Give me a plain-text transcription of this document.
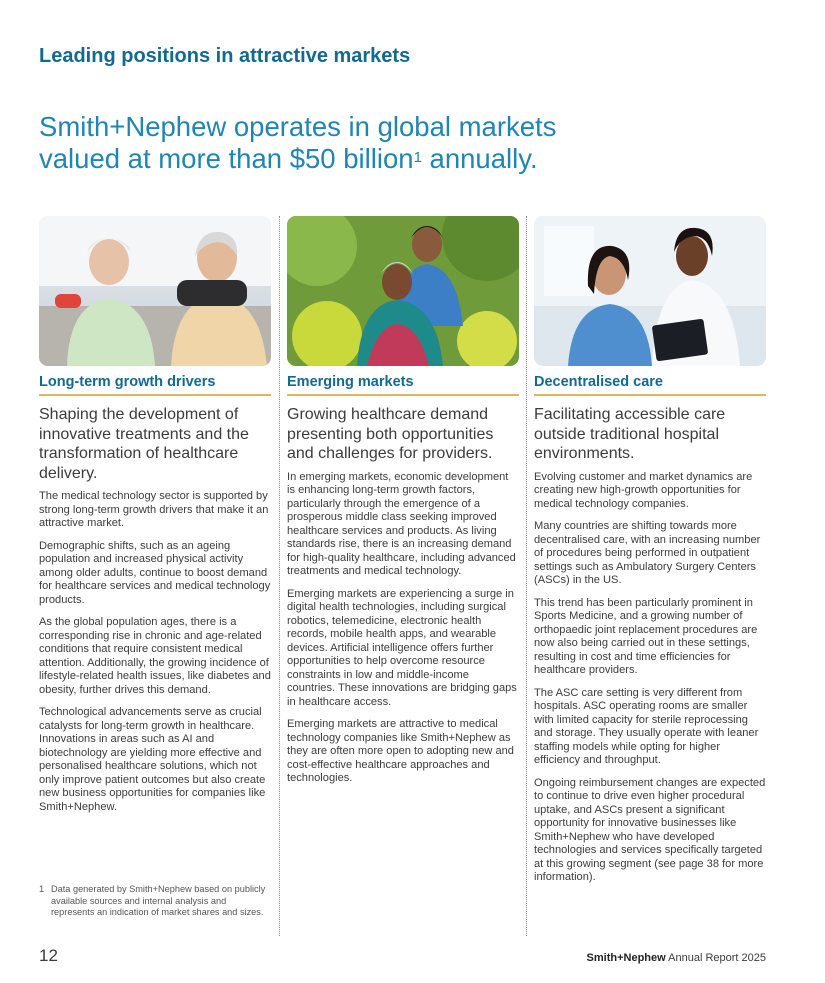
Leading positions in attractive markets
Smith+Nephew operates in global markets valued at more than $50 billion$^1$ annually.
Long-term growth drivers
Shaping the development of innovative treatments and the transformation of healthcare delivery.

The medical technology sector is supported by strong long-term growth drivers that make it an attractive market.

Demographic shifts, such as an ageing population and increased physical activity among older adults, continue to boost demand for healthcare services and medical technology products.

As the global population ages, there is a corresponding rise in chronic and age-related conditions that require consistent medical attention. Additionally, the growing incidence of lifestyle-related health issues, like diabetes and obesity, further drives this demand.

Technological advancements serve as crucial catalysts for long-term growth in healthcare. Innovations in areas such as AI and biotechnology are yielding more effective and personalised healthcare solutions, which not only improve patient outcomes but also create new business opportunities for companies like Smith+Nephew.

Emerging markets
Growing healthcare demand presenting both opportunities and challenges for providers.

In emerging markets, economic development is enhancing long-term growth factors, particularly through the emergence of a prosperous middle class seeking improved healthcare services and products. As living standards rise, there is an increasing demand for high-quality healthcare, including advanced treatments and medical technology.

Emerging markets are experiencing a surge in digital health technologies, including surgical robotics, telemedicine, electronic health records, mobile health apps, and wearable devices. Artificial intelligence offers further opportunities to help overcome resource constraints in low and middle-income countries. These innovations are bridging gaps in healthcare access.

Emerging markets are attractive to medical technology companies like Smith+Nephew as they are often more open to adopting new and cost-effective healthcare approaches and technologies.

Decentralised care
Facilitating accessible care outside traditional hospital environments.

Evolving customer and market dynamics are creating new high-growth opportunities for medical technology companies.

Many countries are shifting towards more decentralised care, with an increasing number of procedures being performed in outpatient settings such as Ambulatory Surgery Centers (ASCs) in the US.

This trend has been particularly prominent in Sports Medicine, and a growing number of orthopaedic joint replacement procedures are now also being carried out in these settings, resulting in cost and time efficiencies for healthcare providers.

The ASC care setting is very different from hospitals. ASC operating rooms are smaller with limited capacity for sterile reprocessing and storage. They usually operate with leaner staffing models while opting for higher efficiency and throughput.

Ongoing reimbursement changes are expected to continue to drive even higher procedural uptake, and ASCs present a significant opportunity for innovative businesses like Smith+Nephew who have developed technologies and services specifically targeted at this growing segment (see page 38 for more information).

1 Data generated by Smith+Nephew based on publicly available sources and internal analysis and represents an indication of market shares and sizes.
12	Smith+Nephew Annual Report 2025
